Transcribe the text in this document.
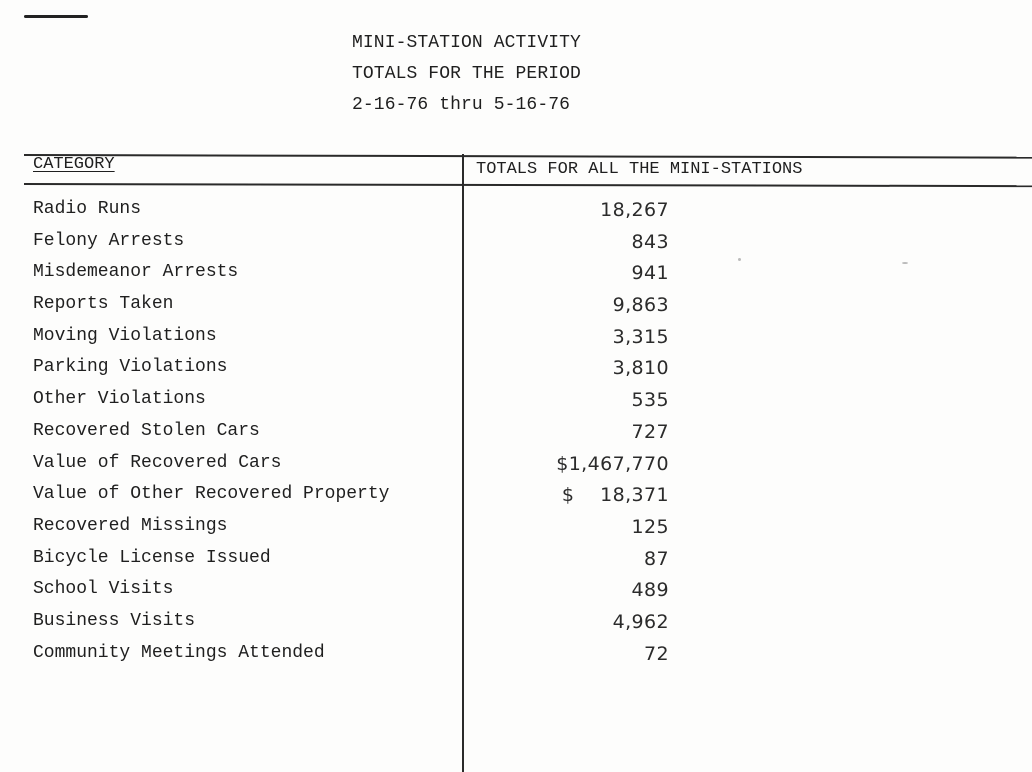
MINI-STATION ACTIVITY
TOTALS FOR THE PERIOD
2-16-76 thru 5-16-76
CATEGORY	TOTALS FOR ALL THE MINI-STATIONS
Radio Runs	18,267
Felony Arrests	843
Misdemeanor Arrests	941
Reports Taken	9,863
Moving Violations	3,315
Parking Violations	3,810
Other Violations	535
Recovered Stolen Cars	727
Value of Recovered Cars	$1,467,770
Value of Other Recovered Property	$    18,371
Recovered Missings	125
Bicycle License Issued	87
School Visits	489
Business Visits	4,962
Community Meetings Attended	72
